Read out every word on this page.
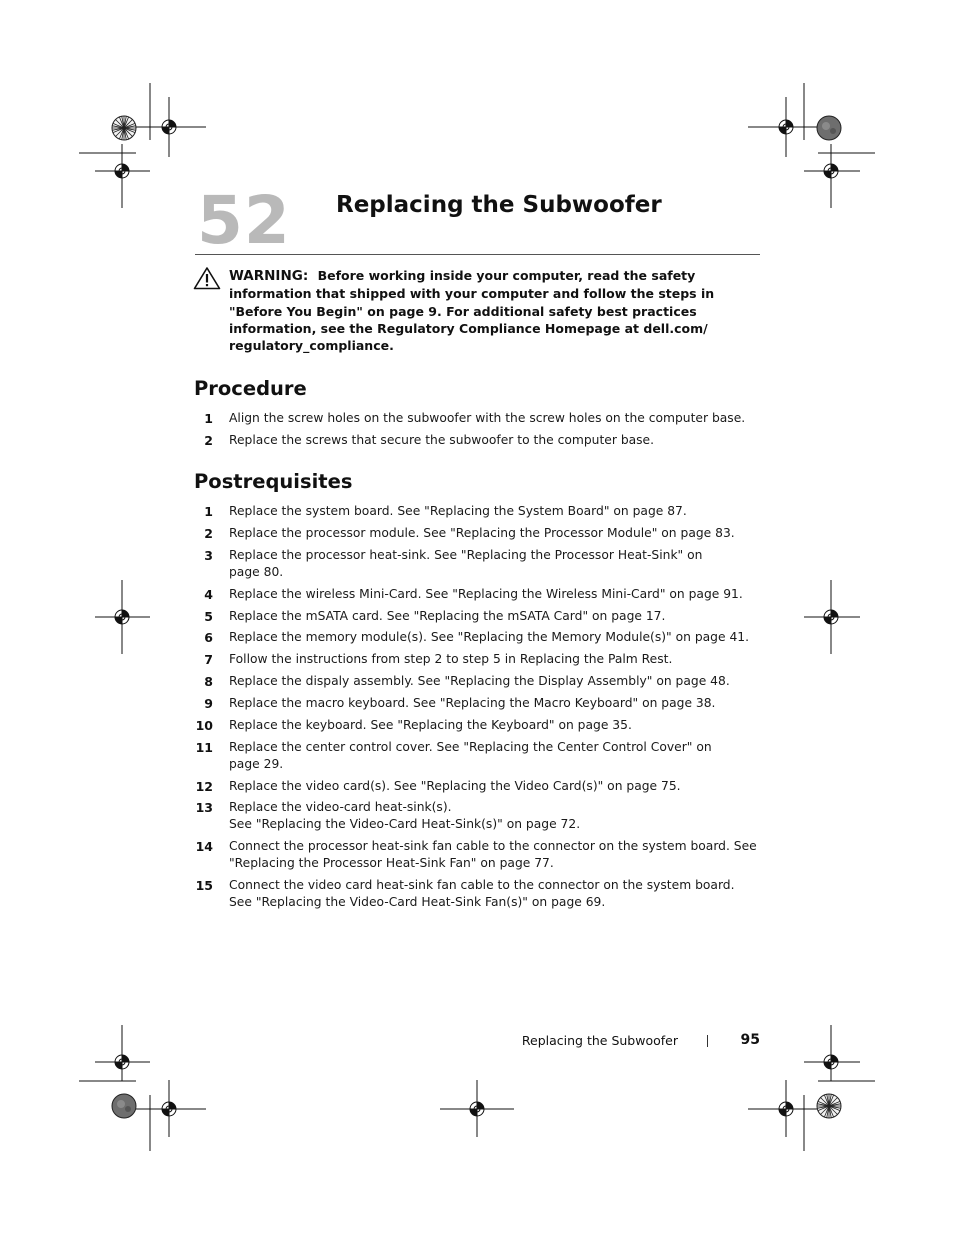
52 Replacing the Subwoofer
WARNING: Before working inside your computer, read the safety information that shipped with your computer and follow the steps in "Before You Begin" on page 9. For additional safety best practices information, see the Regulatory Compliance Homepage at dell.com/ regulatory_compliance.
Procedure
1 Align the screw holes on the subwoofer with the screw holes on the computer base.
2 Replace the screws that secure the subwoofer to the computer base.
Postrequisites
1 Replace the system board. See "Replacing the System Board" on page 87.
2 Replace the processor module. See "Replacing the Processor Module" on page 83.
3 Replace the processor heat-sink. See "Replacing the Processor Heat-Sink" on
page 80.
4 Replace the wireless Mini-Card. See "Replacing the Wireless Mini-Card" on page 91.
5 Replace the mSATA card. See "Replacing the mSATA Card" on page 17.
6 Replace the memory module(s). See "Replacing the Memory Module(s)" on page 41.
7 Follow the instructions from step 2 to step 5 in Replacing the Palm Rest.
8 Replace the dispaly assembly. See "Replacing the Display Assembly" on page 48.
9 Replace the macro keyboard. See "Replacing the Macro Keyboard" on page 38.
10 Replace the keyboard. See "Replacing the Keyboard" on page 35.
11 Replace the center control cover. See "Replacing the Center Control Cover" on
page 29.
12 Replace the video card(s). See "Replacing the Video Card(s)" on page 75.
13 Replace the video-card heat-sink(s).
See "Replacing the Video-Card Heat-Sink(s)" on page 72.
14 Connect the processor heat-sink fan cable to the connector on the system board. See
"Replacing the Processor Heat-Sink Fan" on page 77.
15 Connect the video card heat-sink fan cable to the connector on the system board.
See "Replacing the Video-Card Heat-Sink Fan(s)" on page 69.
Replacing the Subwoofer	95
